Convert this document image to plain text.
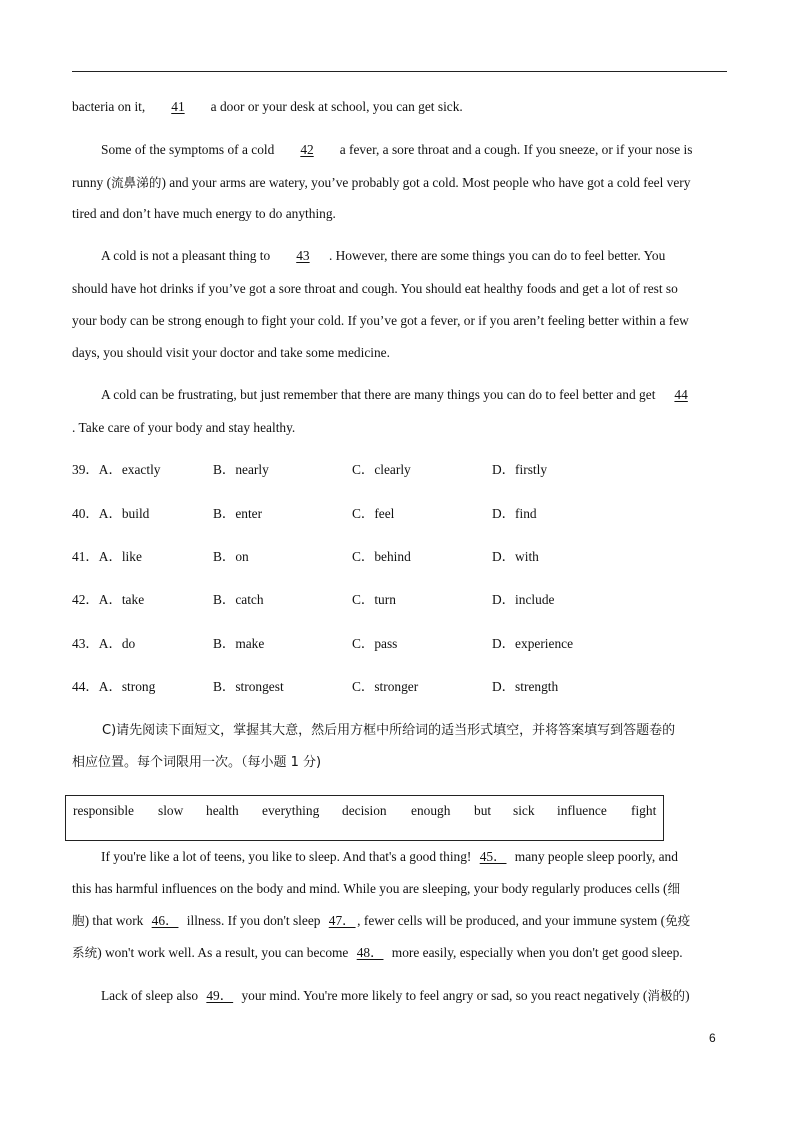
bacteria on it, 41 a door or your desk at school, you can get sick.
Some of the symptoms of a cold 42 a fever, a sore throat and a cough. If you sneeze, or if your nose is
runny (流鼻涕的) and your arms are watery, you’ve probably got a cold. Most people who have got a cold feel very
tired and don’t have much energy to do anything.
A cold is not a pleasant thing to 43 . However, there are some things you can do to feel better. You
should have hot drinks if you’ve got a sore throat and cough. You should eat healthy foods and get a lot of rest so
your body can be strong enough to fight your cold. If you’ve got a fever, or if you aren’t feeling better within a few
days, you should visit your doctor and take some medicine.
A cold can be frustrating, but just remember that there are many things you can do to feel better and get 44
. Take care of your body and stay healthy.
39．A．exactly	B．nearly	C．clearly	D．firstly
40．A．build	B．enter	C．feel	D．find
41．A．like	B．on	C．behind	D．with
42．A．take	B．catch	C．turn	D．include
43．A．do	B．make	C．pass	D．experience
44．A．strong	B．strongest	C．stronger	D．strength
C)请先阅读下面短文，掌握其大意，然后用方框中所给词的适当形式填空，并将答案填写到答题卷的
相应位置。每个词限用一次。（每小题 1 分)
responsible slow health everything decision enough but sick influence fight
If you're like a lot of teens, you like to sleep. And that's a good thing! 45． many people sleep poorly, and
this has harmful influences on the body and mind. While you are sleeping, your body regularly produces cells (细
胞) that work 46． illness. If you don't sleep 47． , fewer cells will be produced, and your immune system (免疫
系统) won't work well. As a result, you can become 48． more easily, especially when you don't get good sleep.
Lack of sleep also 49． your mind. You're more likely to feel angry or sad, so you react negatively (消极的)
6
